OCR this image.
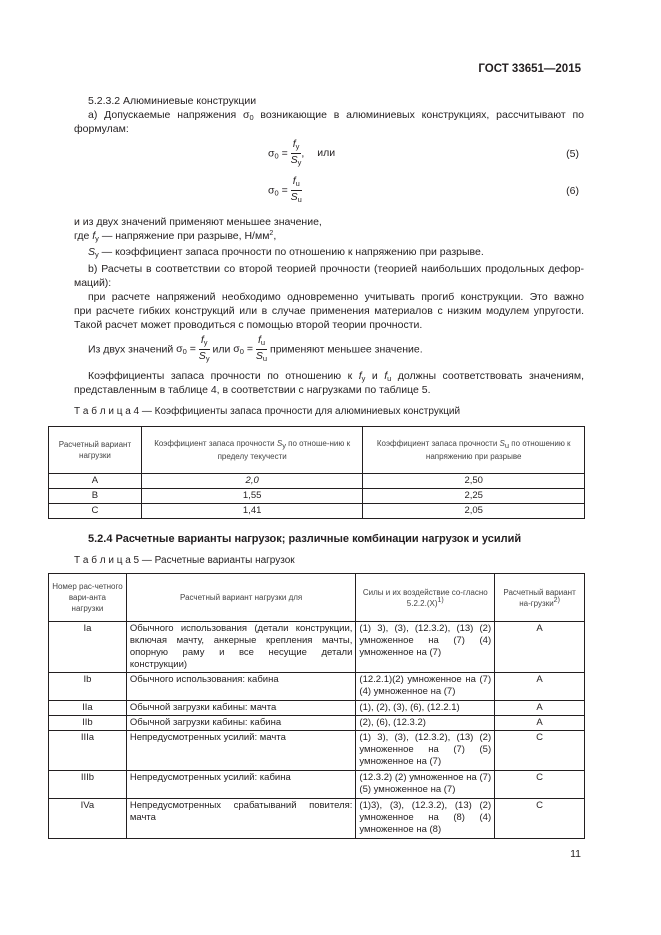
ГОСТ 33651—2015
5.2.3.2 Алюминиевые конструкции
а) Допускаемые напряжения $\sigma_0$ возникающие в алюминиевых конструкциях, рассчитывают по
формулам:
$\sigma_0 = \frac{f_y}{S_y}$ , или	(5)
$\sigma_0 = \frac{f_u}{S_u}$	(6)
и из двух значений применяют меньшее значение,
где $f_y$ — напряжение при разрыве, $Н/мм^2$,
$S_y$ — коэффициент запаса прочности по отношению к напряжению при разрыве.
b) Расчеты в соответствии со второй теорией прочности (теорией наибольших продольных дефор-
маций):
при расчете напряжений необходимо одновременно учитывать прогиб конструкции. Это важно
при расчете гибких конструкций или в случае применения материалов с низким модулем упругости.
Такой расчет может проводиться с помощью второй теории прочности.
Из двух значений $\sigma_0 = \frac{f_y}{S_y}$ или $\sigma_0 = \frac{f_u}{S_u}$ применяют меньшее значение.
Коэффициенты запаса прочности по отношению к $f_y$ и $f_u$ должны соответствовать значениям,
представленным в таблице 4, в соответствии с нагрузками по таблице 5.
Т а б л и ц а 4 — Коэффициенты запаса прочности для алюминиевых конструкций
Расчетный вариант нагрузки	Коэффициент запаса прочности $S_y$ по отноше-нию к пределу текучести	Коэффициент запаса прочности $S_u$ по отношению к напряжению при разрыве
A	2,0	2,50
B	1,55	2,25
C	1,41	2,05
5.2.4 Расчетные варианты нагрузок; различные комбинации нагрузок и усилий
Т а б л и ц а 5 — Расчетные варианты нагрузок
Номер рас-четного вари-анта нагрузки	Расчетный вариант нагрузки для	Силы и их воздействие со-гласно $5.2.2.(X)^{1)}$	Расчетный вариант на-грузки$^{2)}$
Ia	Обычного использования (детали конструкции, включая мачту, анкерные крепления мачты, опорную раму и все несущие детали конструкции)	(1) 3), (3), (12.3.2), (13) (2) умноженное на (7) (4) умноженное на (7)	A
Ib	Обычного использования: кабина	(12.2.1)(2) умноженное на (7) (4) умноженное на (7)	A
IIa	Обычной загрузки кабины: мачта	(1), (2), (3), (6), (12.2.1)	A
IIb	Обычной загрузки кабины: кабина	(2), (6), (12.3.2)	A
IIIa	Непредусмотренных усилий: мачта	(1) 3), (3), (12.3.2), (13) (2) умноженное на (7) (5) умноженное на (7)	C
IIIb	Непредусмотренных усилий: кабина	(12.3.2) (2) умноженное на (7) (5) умноженное на (7)	C
IVa	Непредусмотренных срабатываний повителя: мачта	(1)3), (3), (12.3.2), (13) (2) умноженное на (8) (4) умноженное на (8)	C
11
